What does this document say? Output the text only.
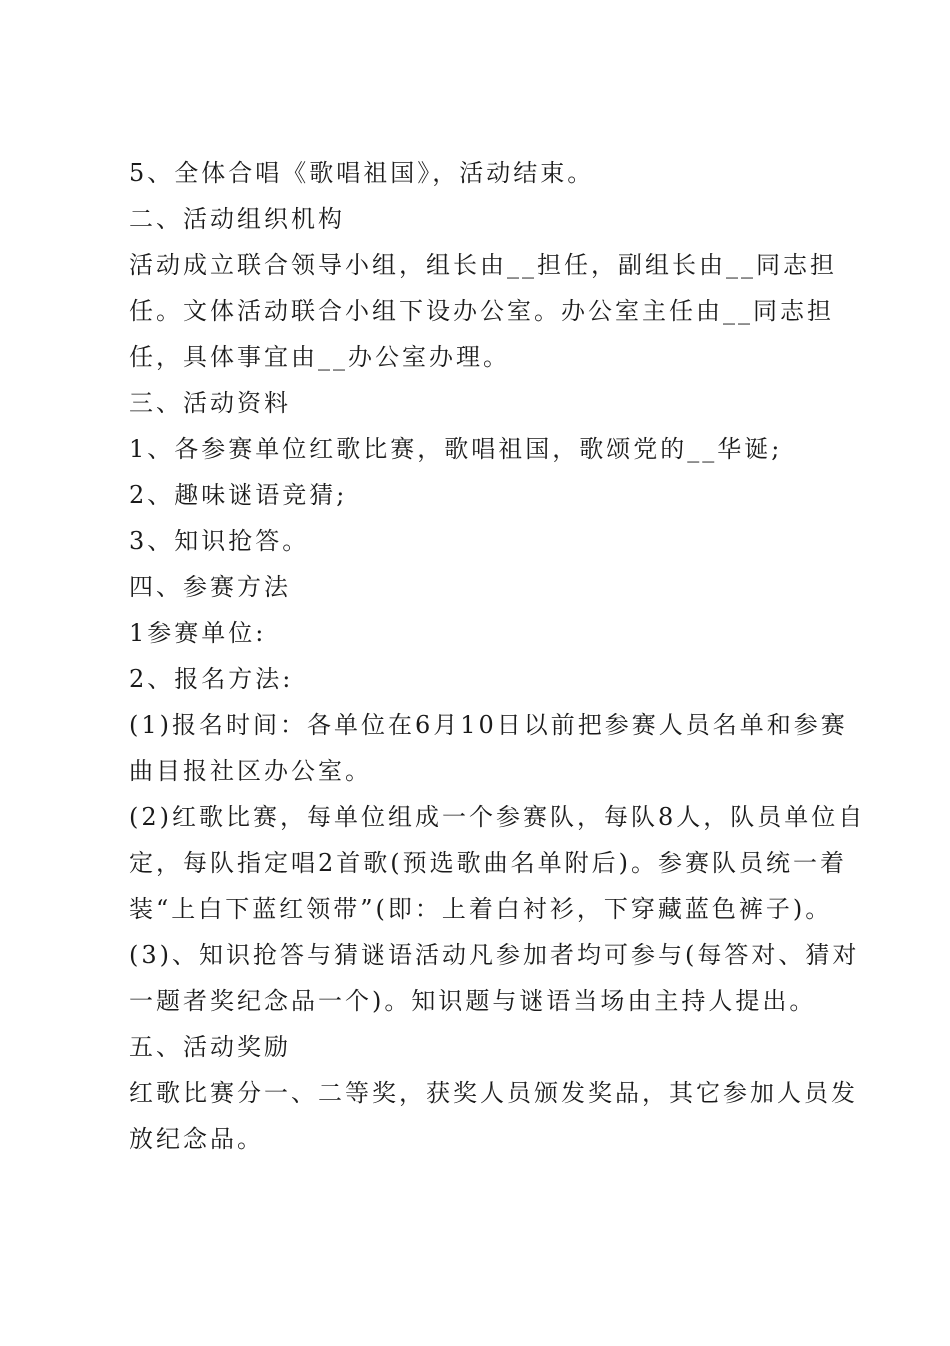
5、全体合唱《歌唱祖国》，活动结束。
二、活动组织机构
活动成立联合领导小组，组长由__担任，副组长由__同志担
任。文体活动联合小组下设办公室。办公室主任由__同志担
任，具体事宜由__办公室办理。
三、活动资料
1、各参赛单位红歌比赛，歌唱祖国，歌颂党的__华诞;
2、趣味谜语竞猜;
3、知识抢答。
四、参赛方法
1参赛单位:
2、报名方法:
(1)报名时间：各单位在6月10日以前把参赛人员名单和参赛
曲目报社区办公室。
(2)红歌比赛，每单位组成一个参赛队，每队8人，队员单位自
定，每队指定唱2首歌(预选歌曲名单附后)。参赛队员统一着
装“上白下蓝红领带”(即：上着白衬衫，下穿藏蓝色裤子)。
(3)、知识抢答与猜谜语活动凡参加者均可参与(每答对、猜对
一题者奖纪念品一个)。知识题与谜语当场由主持人提出。
五、活动奖励
红歌比赛分一、二等奖，获奖人员颁发奖品，其它参加人员发
放纪念品。
